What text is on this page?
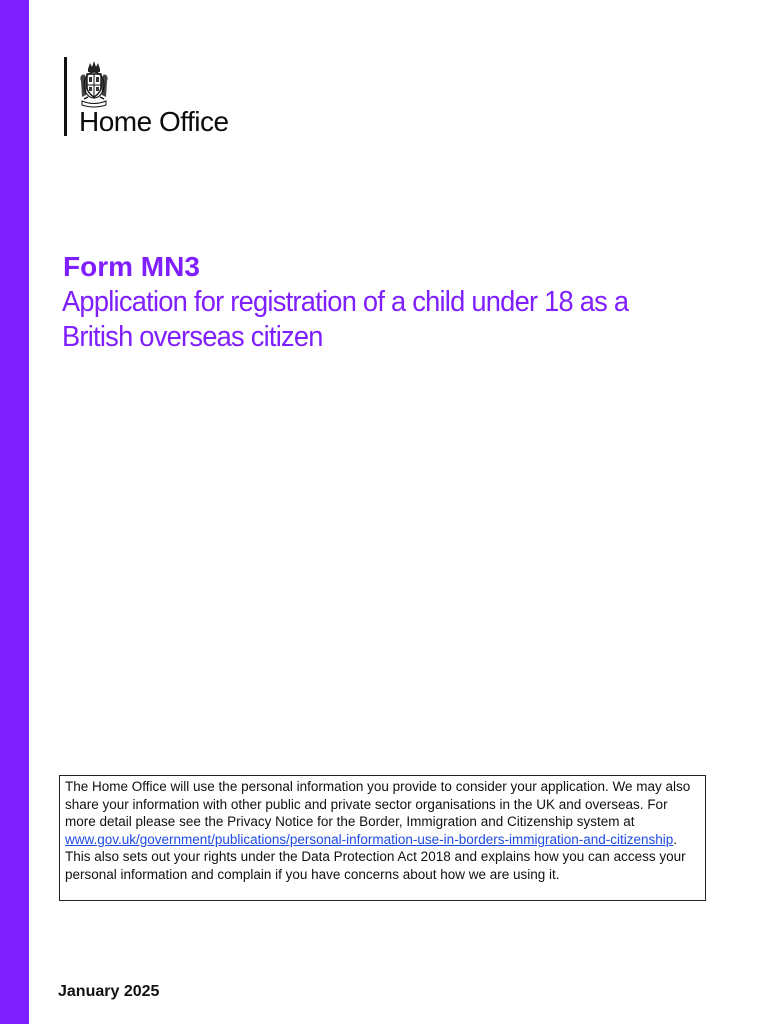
Home Office
Form MN3
Application for registration of a child under 18 as a British overseas citizen
The Home Office will use the personal information you provide to consider your application. We may also share your information with other public and private sector organisations in the UK and overseas. For more detail please see the Privacy Notice for the Border, Immigration and Citizenship system at www.gov.uk/government/publications/personal-information-use-in-borders-immigration-and-citizenship. This also sets out your rights under the Data Protection Act 2018 and explains how you can access your personal information and complain if you have concerns about how we are using it.
January 2025
